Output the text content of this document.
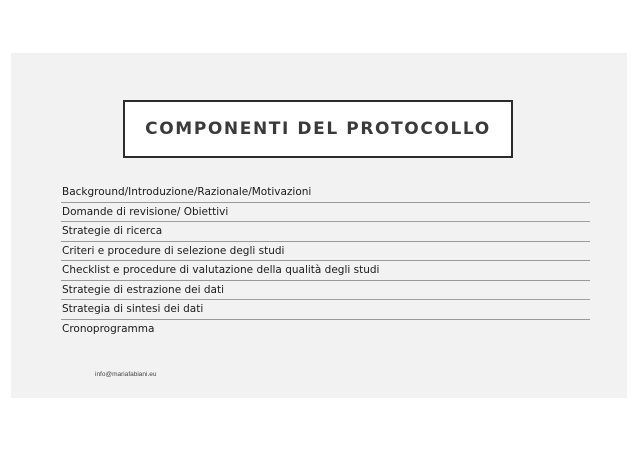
COMPONENTI DEL PROTOCOLLO
Background/Introduzione/Razionale/Motivazioni
Domande di revisione/ Obiettivi
Strategie di ricerca
Criteri e procedure di selezione degli studi
Checklist e procedure di valutazione della qualità degli studi
Strategie di estrazione dei dati
Strategia di sintesi dei dati
Cronoprogramma
info@mariafabiani.eu
